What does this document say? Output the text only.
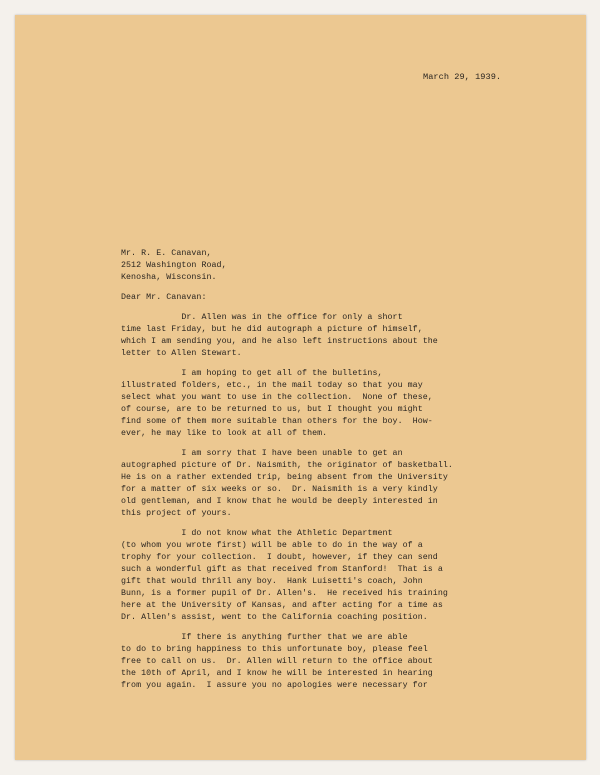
March 29, 1939.

Mr. R. E. Canavan,

2512 Washington Road,

Kenosha, Wisconsin.

Dear Mr. Canavan:

Dr. Allen was in the office for only a short

time last Friday, but he did autograph a picture of himself,

which I am sending you, and he also left instructions about the

letter to Allen Stewart.

I am hoping to get all of the bulletins,

illustrated folders, etc., in the mail today so that you may

select what you want to use in the collection.  None of these,

of course, are to be returned to us, but I thought you might

find some of them more suitable than others for the boy.  How-

ever, he may like to look at all of them.

I am sorry that I have been unable to get an

autographed picture of Dr. Naismith, the originator of basketball.

He is on a rather extended trip, being absent from the University

for a matter of six weeks or so.  Dr. Naismith is a very kindly

old gentleman, and I know that he would be deeply interested in

this project of yours.

I do not know what the Athletic Department

(to whom you wrote first) will be able to do in the way of a

trophy for your collection.  I doubt, however, if they can send

such a wonderful gift as that received from Stanford!  That is a

gift that would thrill any boy.  Hank Luisetti's coach, John

Bunn, is a former pupil of Dr. Allen's.  He received his training

here at the University of Kansas, and after acting for a time as

Dr. Allen's assist, went to the California coaching position.

If there is anything further that we are able

to do to bring happiness to this unfortunate boy, please feel

free to call on us.  Dr. Allen will return to the office about

the 10th of April, and I know he will be interested in hearing

from you again.  I assure you no apologies were necessary for
